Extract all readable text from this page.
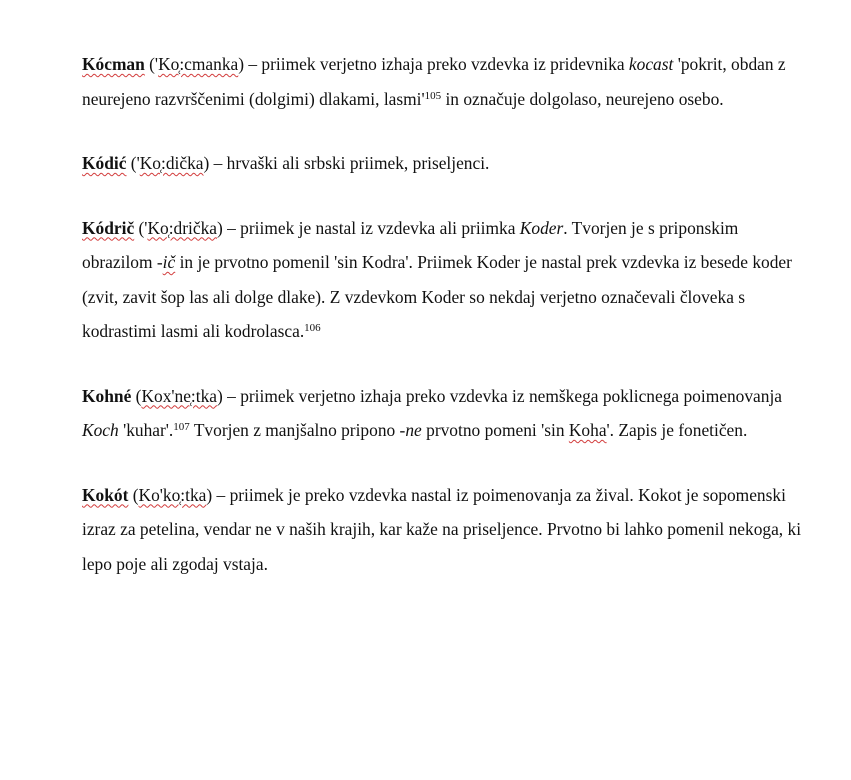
Kócman ('Ko̜:cmanka) – priimek verjetno izhaja preko vzdevka iz pridevnika kocast 'pokrit, obdan z neurejeno razvrščenimi (dolgimi) dlakami, $lasmi'^{105}$ in označuje dolgolaso, neurejeno osebo.

Kódić ('Ko̜:dička) – hrvaški ali srbski priimek, priseljenci.

Kódrič ('Ko̜:drička) – priimek je nastal iz vzdevka ali priimka Koder. Tvorjen je s priponskim obrazilom -ič in je prvotno pomenil 'sin Kodra'. Priimek Koder je nastal prek vzdevka iz besede koder (zvit, zavit šop las ali dolge dlake). Z vzdevkom Koder so nekdaj verjetno označevali človeka s kodrastimi lasmi ali kodrolasca.$^{106}$

Kohné (Kox'ne̜:tka) – priimek verjetno izhaja preko vzdevka iz nemškega poklicnega poimenovanja Koch 'kuhar'.$^{107}$ Tvorjen z manjšalno pripono -ne prvotno pomeni 'sin Koha'. Zapis je fonetičen.

Kokót (Ko'ko̜:tka) – priimek je preko vzdevka nastal iz poimenovanja za žival. Kokot je sopomenski izraz za petelina, vendar ne v naših krajih, kar kaže na priseljence. Prvotno bi lahko pomenil nekoga, ki lepo poje ali zgodaj vstaja.
